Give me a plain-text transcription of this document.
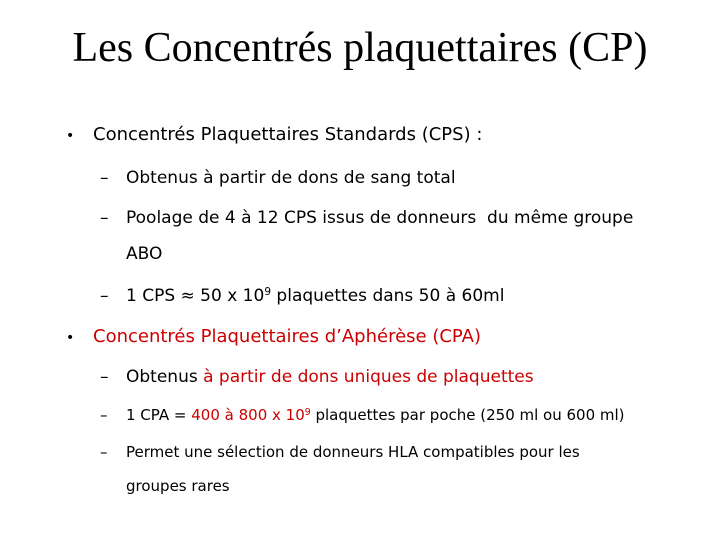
Les Concentrés plaquettaires (CP)
• Concentrés Plaquettaires Standards (CPS) :
– Obtenus à partir de dons de sang total
– Poolage de 4 à 12 CPS issus de donneurs  du même groupe
ABO
– 1 CPS ≈ 50 x $10^9$ plaquettes dans 50 à 60ml
• Concentrés Plaquettaires d’Aphérèse (CPA)
– Obtenus à partir de dons uniques de plaquettes
– 1 CPA = 400 à 800 x $10^9$ plaquettes par poche (250 ml ou 600 ml)
– Permet une sélection de donneurs HLA compatibles pour les
groupes rares
